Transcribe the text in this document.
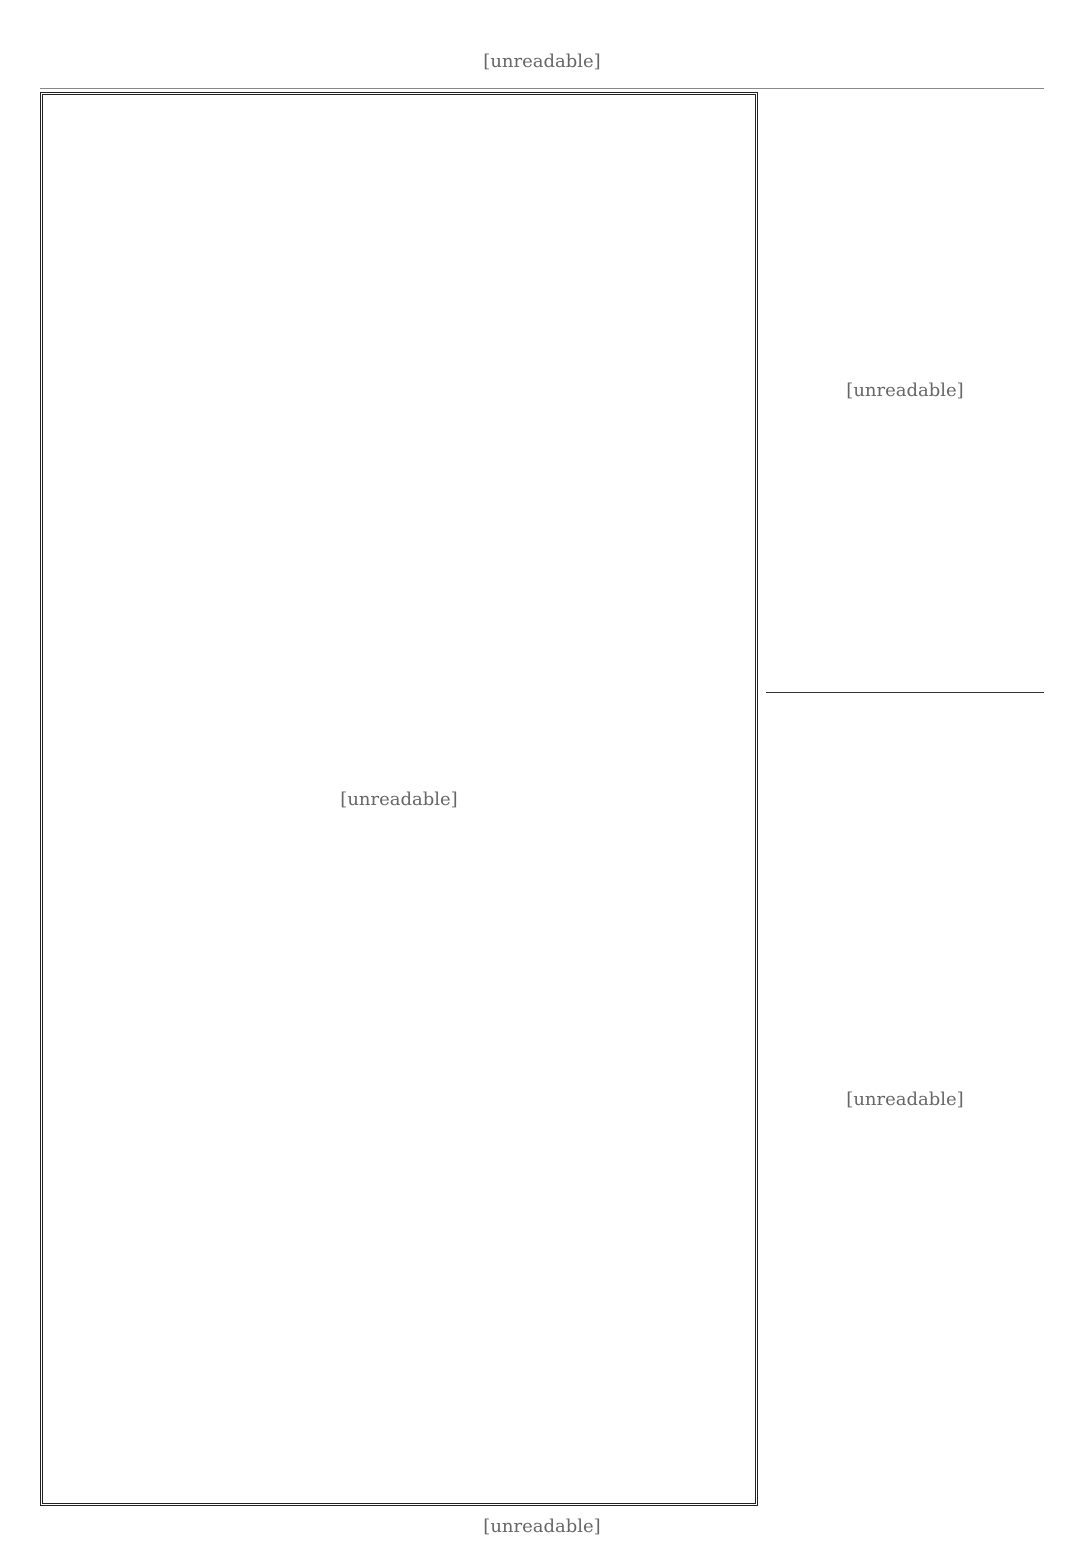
[unreadable]
[unreadable]
[unreadable]
[unreadable]
[unreadable]
